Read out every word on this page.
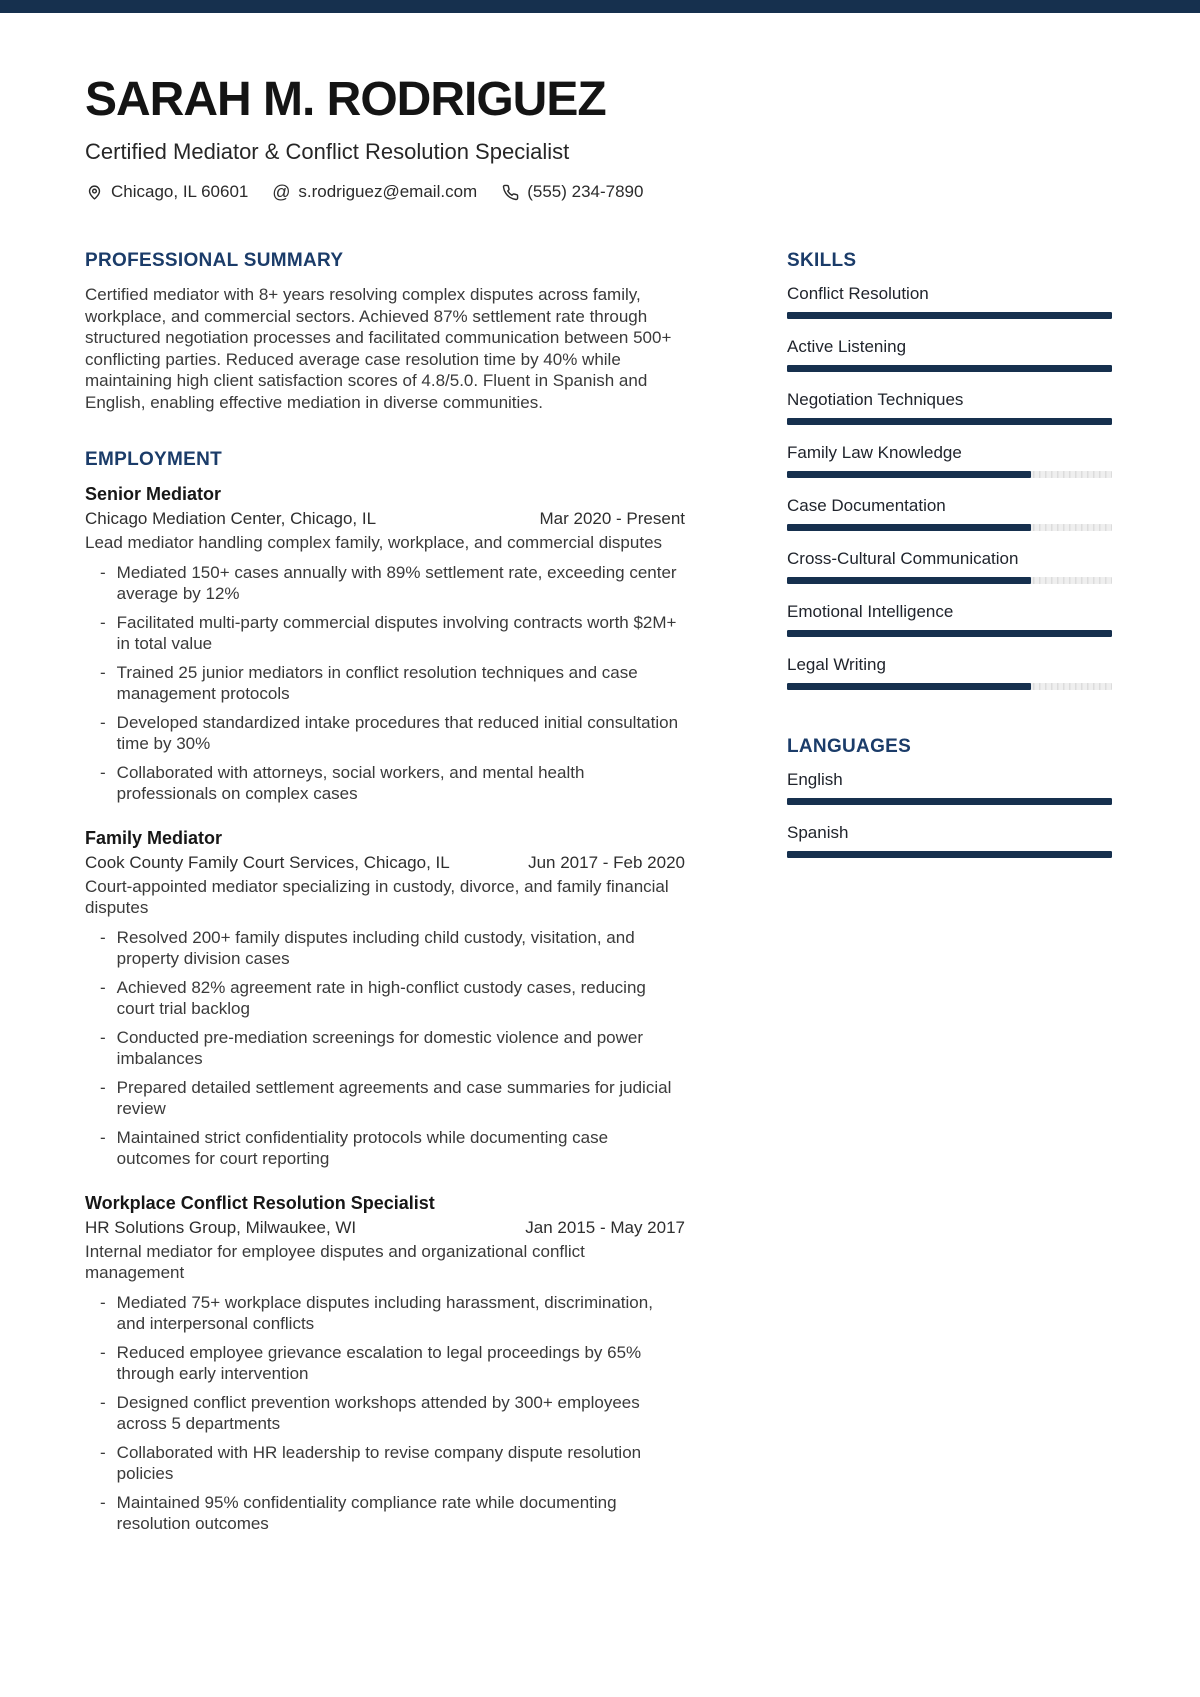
SARAH M. RODRIGUEZ
Certified Mediator & Conflict Resolution Specialist
Chicago, IL 60601 @ s.rodriguez@email.com	(555) 234-7890
PROFESSIONAL SUMMARY

Certified mediator with 8+ years resolving complex disputes across family, workplace, and commercial sectors. Achieved 87% settlement rate through structured negotiation processes and facilitated communication between 500+ conflicting parties. Reduced average case resolution time by 40% while maintaining high client satisfaction scores of 4.8/5.0. Fluent in Spanish and English, enabling effective mediation in diverse communities.

EMPLOYMENT
Senior Mediator
Chicago Mediation Center, Chicago, IL	Mar 2020 - Present
Lead mediator handling complex family, workplace, and commercial disputes
- Mediated 150+ cases annually with 89% settlement rate, exceeding center average by 12%
- Facilitated multi-party commercial disputes involving contracts worth $2M+ in total value
- Trained 25 junior mediators in conflict resolution techniques and case management protocols
- Developed standardized intake procedures that reduced initial consultation time by 30%
- Collaborated with attorneys, social workers, and mental health professionals on complex cases
Family Mediator
Cook County Family Court Services, Chicago, IL	Jun 2017 - Feb 2020
Court-appointed mediator specializing in custody, divorce, and family financial disputes
- Resolved 200+ family disputes including child custody, visitation, and property division cases
- Achieved 82% agreement rate in high-conflict custody cases, reducing court trial backlog
- Conducted pre-mediation screenings for domestic violence and power imbalances
- Prepared detailed settlement agreements and case summaries for judicial review
- Maintained strict confidentiality protocols while documenting case outcomes for court reporting
Workplace Conflict Resolution Specialist
HR Solutions Group, Milwaukee, WI	Jan 2015 - May 2017
Internal mediator for employee disputes and organizational conflict management
- Mediated 75+ workplace disputes including harassment, discrimination, and interpersonal conflicts
- Reduced employee grievance escalation to legal proceedings by 65% through early intervention
- Designed conflict prevention workshops attended by 300+ employees across 5 departments
- Collaborated with HR leadership to revise company dispute resolution policies
- Maintained 95% confidentiality compliance rate while documenting resolution outcomes
SKILLS
Conflict Resolution
Active Listening
Negotiation Techniques
Family Law Knowledge
Case Documentation
Cross-Cultural Communication
Emotional Intelligence
Legal Writing
LANGUAGES
English
Spanish
